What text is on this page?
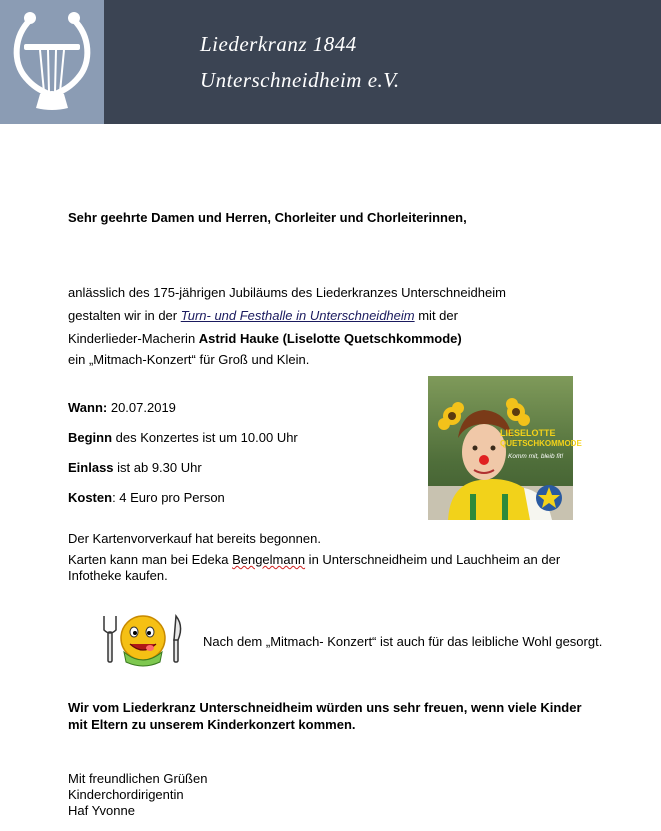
Liederkranz 1844
Unterschneidheim e.V.
Sehr geehrte Damen und Herren, Chorleiter und Chorleiterinnen,
anlässlich des 175-jährigen Jubiläums des Liederkranzes Unterschneidheim
gestalten wir in der Turn- und Festhalle in Unterschneidheim mit der
Kinderlieder-Macherin Astrid Hauke (Liselotte Quetschkommode)
ein „Mitmach-Konzert“ für Groß und Klein.
Wann: 20.07.2019
Beginn des Konzertes ist um 10.00 Uhr
Einlass ist ab 9.30 Uhr
Kosten: 4 Euro pro Person
LIESELOTTE
QUETSCHKOMMODE
Komm mit, bleib fit!
Der Kartenvorverkauf hat bereits begonnen.
Karten kann man bei Edeka Bengelmann in Unterschneidheim und Lauchheim an der
Infotheke kaufen.
Nach dem „Mitmach- Konzert“ ist auch für das leibliche Wohl gesorgt.
Wir vom Liederkranz Unterschneidheim würden uns sehr freuen, wenn viele Kinder
mit Eltern zu unserem Kinderkonzert kommen.
Mit freundlichen Grüßen
Kinderchordirigentin
Haf Yvonne
